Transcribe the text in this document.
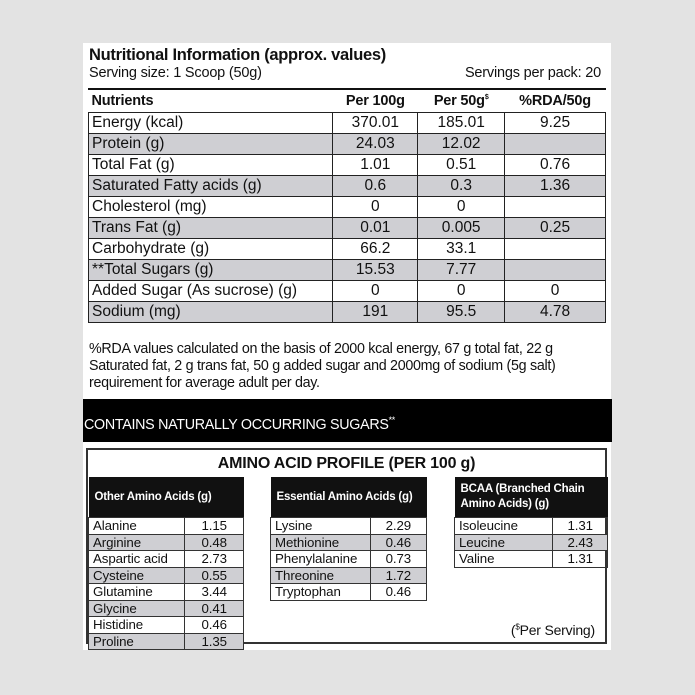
Nutritional Information (approx. values)
Serving size: 1 Scoop (50g)	Servings per pack: 20
Nutrients	Per 100g	Per 50g$	%RDA/50g
Energy (kcal)	370.01	185.01	9.25
Protein (g)	24.03	12.02	
Total Fat (g)	1.01	0.51	0.76
Saturated Fatty acids (g)	0.6	0.3	1.36
Cholesterol (mg)	0	0	
Trans Fat (g)	0.01	0.005	0.25
Carbohydrate (g)	66.2	33.1	
**Total Sugars (g)	15.53	7.77	
Added Sugar (As sucrose) (g)	0	0	0
Sodium (mg)	191	95.5	4.78
%RDA values calculated on the basis of 2000 kcal energy, 67 g total fat, 22 g Saturated fat, 2 g trans fat, 50 g added sugar and 2000mg of sodium (5g salt) requirement for average adult per day.
CONTAINS NATURALLY OCCURRING SUGARS**
AMINO ACID PROFILE (PER 100 g)
Other Amino Acids (g)	
Alanine	1.15
Arginine	0.48
Aspartic acid	2.73
Cysteine	0.55
Glutamine	3.44
Glycine	0.41
Histidine	0.46
Proline	1.35
Essential Amino Acids (g)	
Lysine	2.29
Methionine	0.46
Phenylalanine	0.73
Threonine	1.72
Tryptophan	0.46
BCAA (Branched Chain
Amino Acids) (g)	
Isoleucine	1.31
Leucine	2.43
Valine	1.31
($Per Serving)
